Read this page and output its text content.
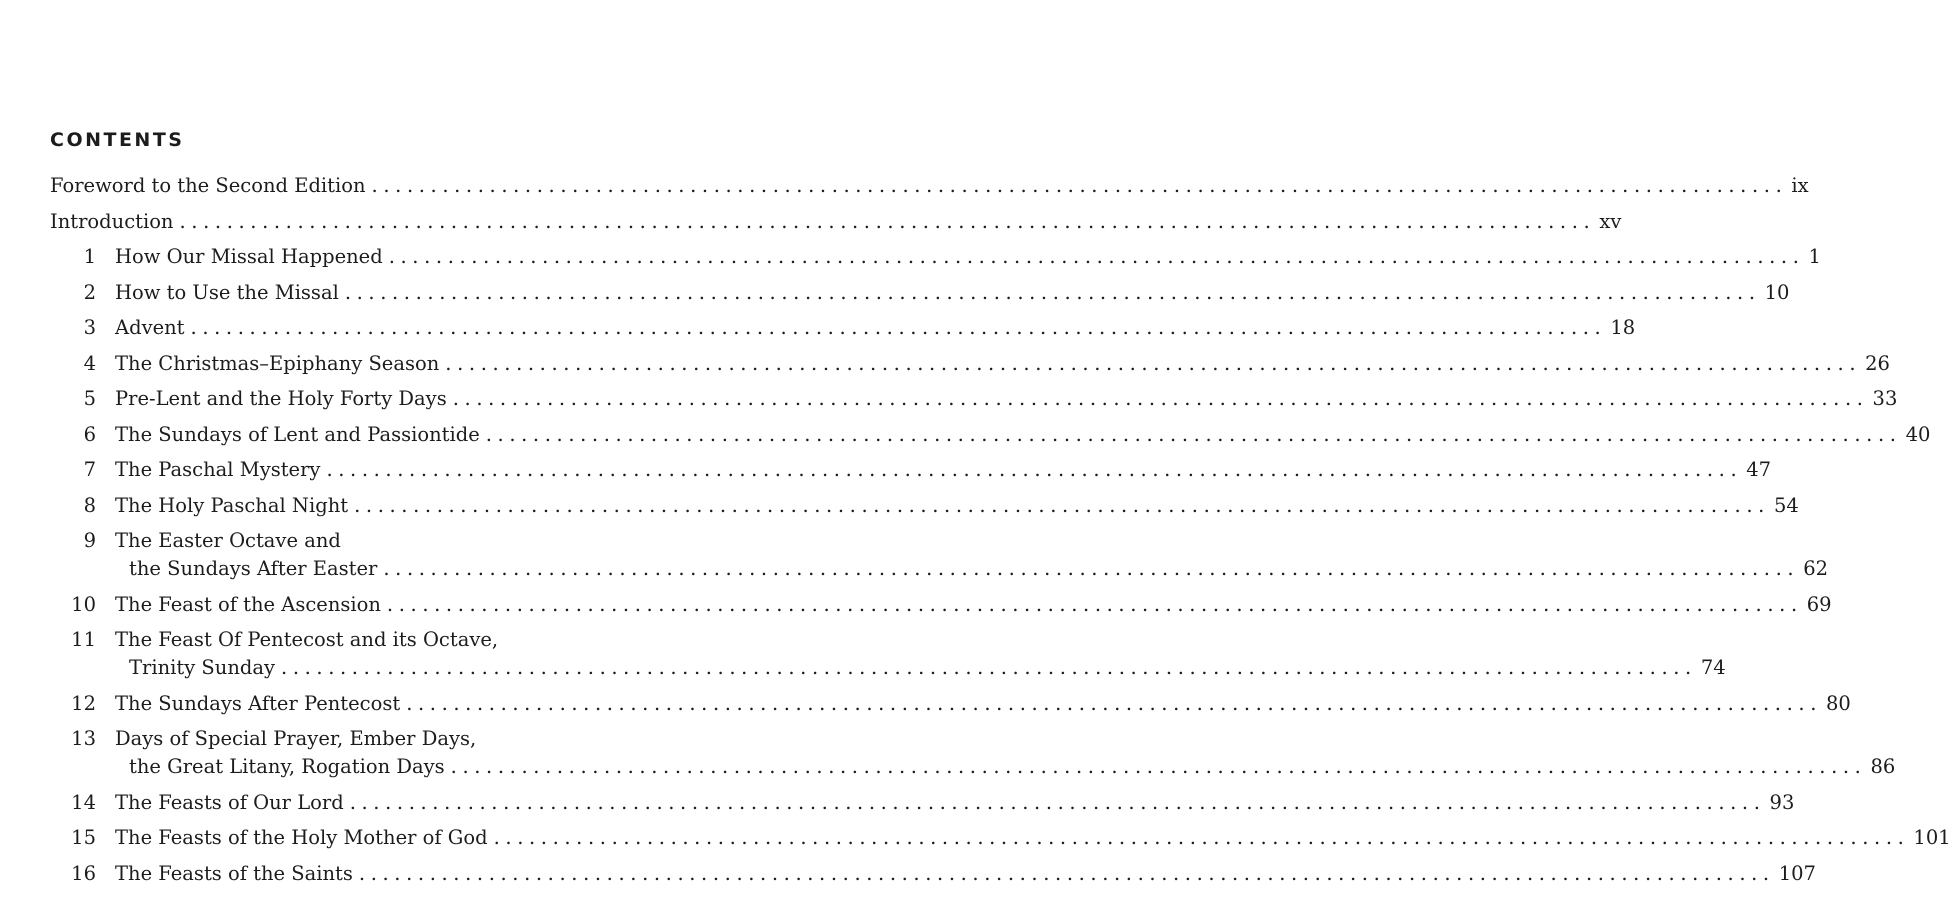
CONTENTS
Foreword to the Second Edition ........................................................................................................................ ix
Introduction ........................................................................................................................ xv
1 How Our Missal Happened ........................................................................................................................ 1
2 How to Use the Missal ........................................................................................................................ 10
3 Advent ........................................................................................................................ 18
4 The Christmas–Epiphany Season ........................................................................................................................ 26
5 Pre-Lent and the Holy Forty Days ........................................................................................................................ 33
6 The Sundays of Lent and Passiontide ........................................................................................................................ 40
7 The Paschal Mystery ........................................................................................................................ 47
8 The Holy Paschal Night ........................................................................................................................ 54
9 The Easter Octave and
the Sundays After Easter ........................................................................................................................ 62
10 The Feast of the Ascension ........................................................................................................................ 69
11 The Feast Of Pentecost and its Octave,
Trinity Sunday ........................................................................................................................ 74
12 The Sundays After Pentecost ........................................................................................................................ 80
13 Days of Special Prayer, Ember Days,
the Great Litany, Rogation Days ........................................................................................................................ 86
14 The Feasts of Our Lord ........................................................................................................................ 93
15 The Feasts of the Holy Mother of God ........................................................................................................................ 101
16 The Feasts of the Saints ........................................................................................................................ 107
